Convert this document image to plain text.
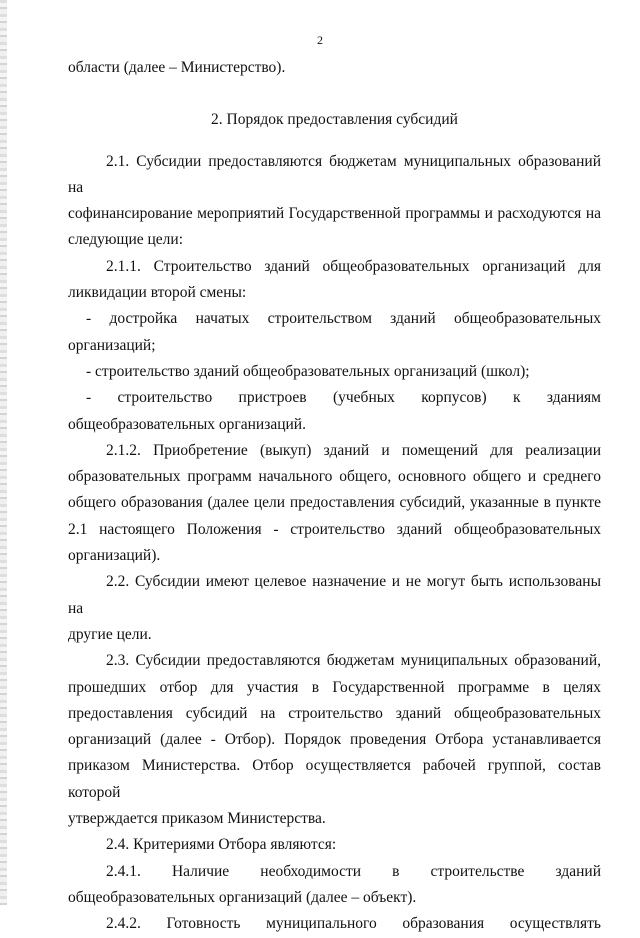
2

области (далее – Министерство).

2. Порядок предоставления субсидий

2.1. Субсидии предоставляются бюджетам муниципальных образований на

софинансирование мероприятий Государственной программы и расходуются на

следующие цели:

2.1.1. Строительство зданий общеобразовательных организаций для

ликвидации второй смены:

- достройка начатых строительством зданий общеобразовательных

организаций;

- строительство зданий общеобразовательных организаций (школ);

- строительство пристроев (учебных корпусов) к зданиям

общеобразовательных организаций.

2.1.2. Приобретение (выкуп) зданий и помещений для реализации

образовательных программ начального общего, основного общего и среднего

общего образования (далее цели предоставления субсидий, указанные в пункте

2.1 настоящего Положения - строительство зданий общеобразовательных

организаций).

2.2. Субсидии имеют целевое назначение и не могут быть использованы на

другие цели.

2.3. Субсидии предоставляются бюджетам муниципальных образований,

прошедших отбор для участия в Государственной программе в целях

предоставления субсидий на строительство зданий общеобразовательных

организаций (далее - Отбор). Порядок проведения Отбора устанавливается

приказом Министерства. Отбор осуществляется рабочей группой, состав которой

утверждается приказом Министерства.

2.4. Критериями Отбора являются:

2.4.1. Наличие необходимости в строительстве зданий

общеобразовательных организаций (далее – объект).

2.4.2. Готовность муниципального образования осуществлять
